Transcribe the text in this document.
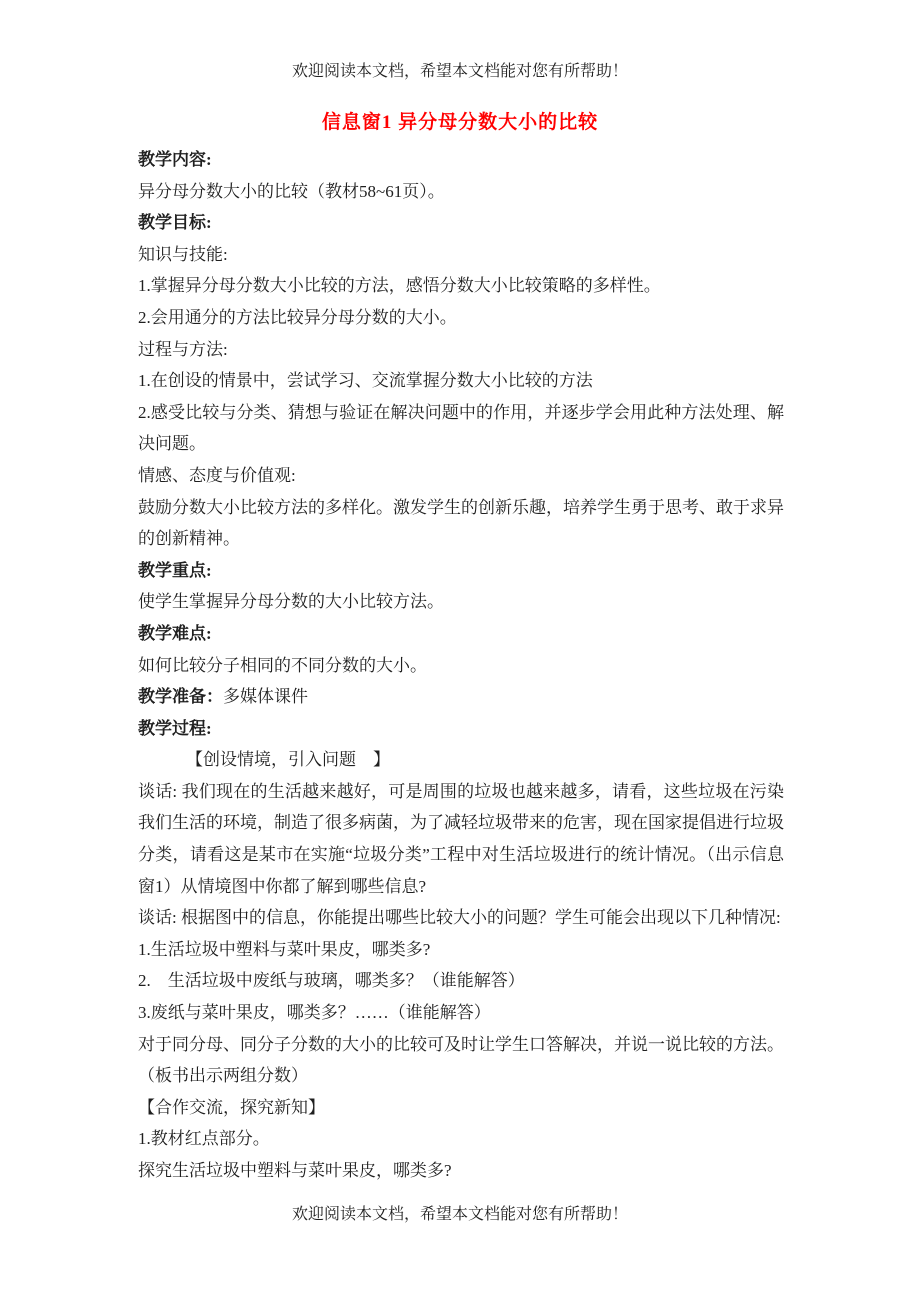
欢迎阅读本文档，希望本文档能对您有所帮助！
信息窗1 异分母分数大小的比较
教学内容:
异分母分数大小的比较（教材58~61页）。
教学目标:
知识与技能:
1.掌握异分母分数大小比较的方法，感悟分数大小比较策略的多样性。
2.会用通分的方法比较异分母分数的大小。
过程与方法:
1.在创设的情景中，尝试学习、交流掌握分数大小比较的方法
2.感受比较与分类、猜想与验证在解决问题中的作用，并逐步学会用此种方法处理、解决问题。
情感、态度与价值观:
鼓励分数大小比较方法的多样化。激发学生的创新乐趣，培养学生勇于思考、敢于求异的创新精神。
教学重点:
使学生掌握异分母分数的大小比较方法。
教学难点:
如何比较分子相同的不同分数的大小。
教学准备：多媒体课件
教学过程:
【创设情境，引入问题　】
谈话: 我们现在的生活越来越好，可是周围的垃圾也越来越多，请看，这些垃圾在污染我们生活的环境，制造了很多病菌，为了减轻垃圾带来的危害，现在国家提倡进行垃圾分类，请看这是某市在实施“垃圾分类”工程中对生活垃圾进行的统计情况。（出示信息窗1）从情境图中你都了解到哪些信息?
谈话: 根据图中的信息，你能提出哪些比较大小的问题？学生可能会出现以下几种情况:
1.生活垃圾中塑料与菜叶果皮，哪类多?
2.　生活垃圾中废纸与玻璃，哪类多？（谁能解答）
3.废纸与菜叶果皮，哪类多？……（谁能解答）
对于同分母、同分子分数的大小的比较可及时让学生口答解决，并说一说比较的方法。（板书出示两组分数）
【合作交流，探究新知】
1.教材红点部分。
探究生活垃圾中塑料与菜叶果皮，哪类多?
欢迎阅读本文档，希望本文档能对您有所帮助！
